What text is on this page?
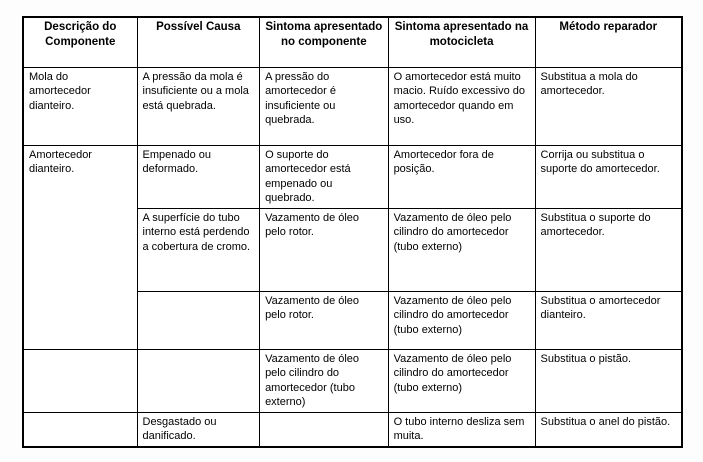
Descrição do Componente	Possível Causa	Sintoma apresentado no componente	Sintoma apresentado na motocicleta	Método reparador
Mola do amortecedor dianteiro.	A pressão da mola é insuficiente ou a mola está quebrada.	A pressão do amortecedor é insuficiente ou quebrada.	O amortecedor está muito macio. Ruído excessivo do amortecedor quando em uso.	Substitua a mola do amortecedor.
Amortecedor dianteiro.	Empenado ou deformado.	O suporte do amortecedor está empenado ou quebrado.	Amortecedor fora de posição.	Corrija ou substitua o suporte do amortecedor.
	A superfície do tubo interno está perdendo a cobertura de cromo.	Vazamento de óleo pelo rotor.	Vazamento de óleo pelo cilindro do amortecedor (tubo externo)	Substitua o suporte do amortecedor.
		Vazamento de óleo pelo rotor.	Vazamento de óleo pelo cilindro do amortecedor (tubo externo)	Substitua o amortecedor dianteiro.
		Vazamento de óleo pelo cilindro do amortecedor (tubo externo)	Vazamento de óleo pelo cilindro do amortecedor (tubo externo)	Substitua o pistão.
	Desgastado ou danificado.		O tubo interno desliza sem muita.	Substitua o anel do pistão.
